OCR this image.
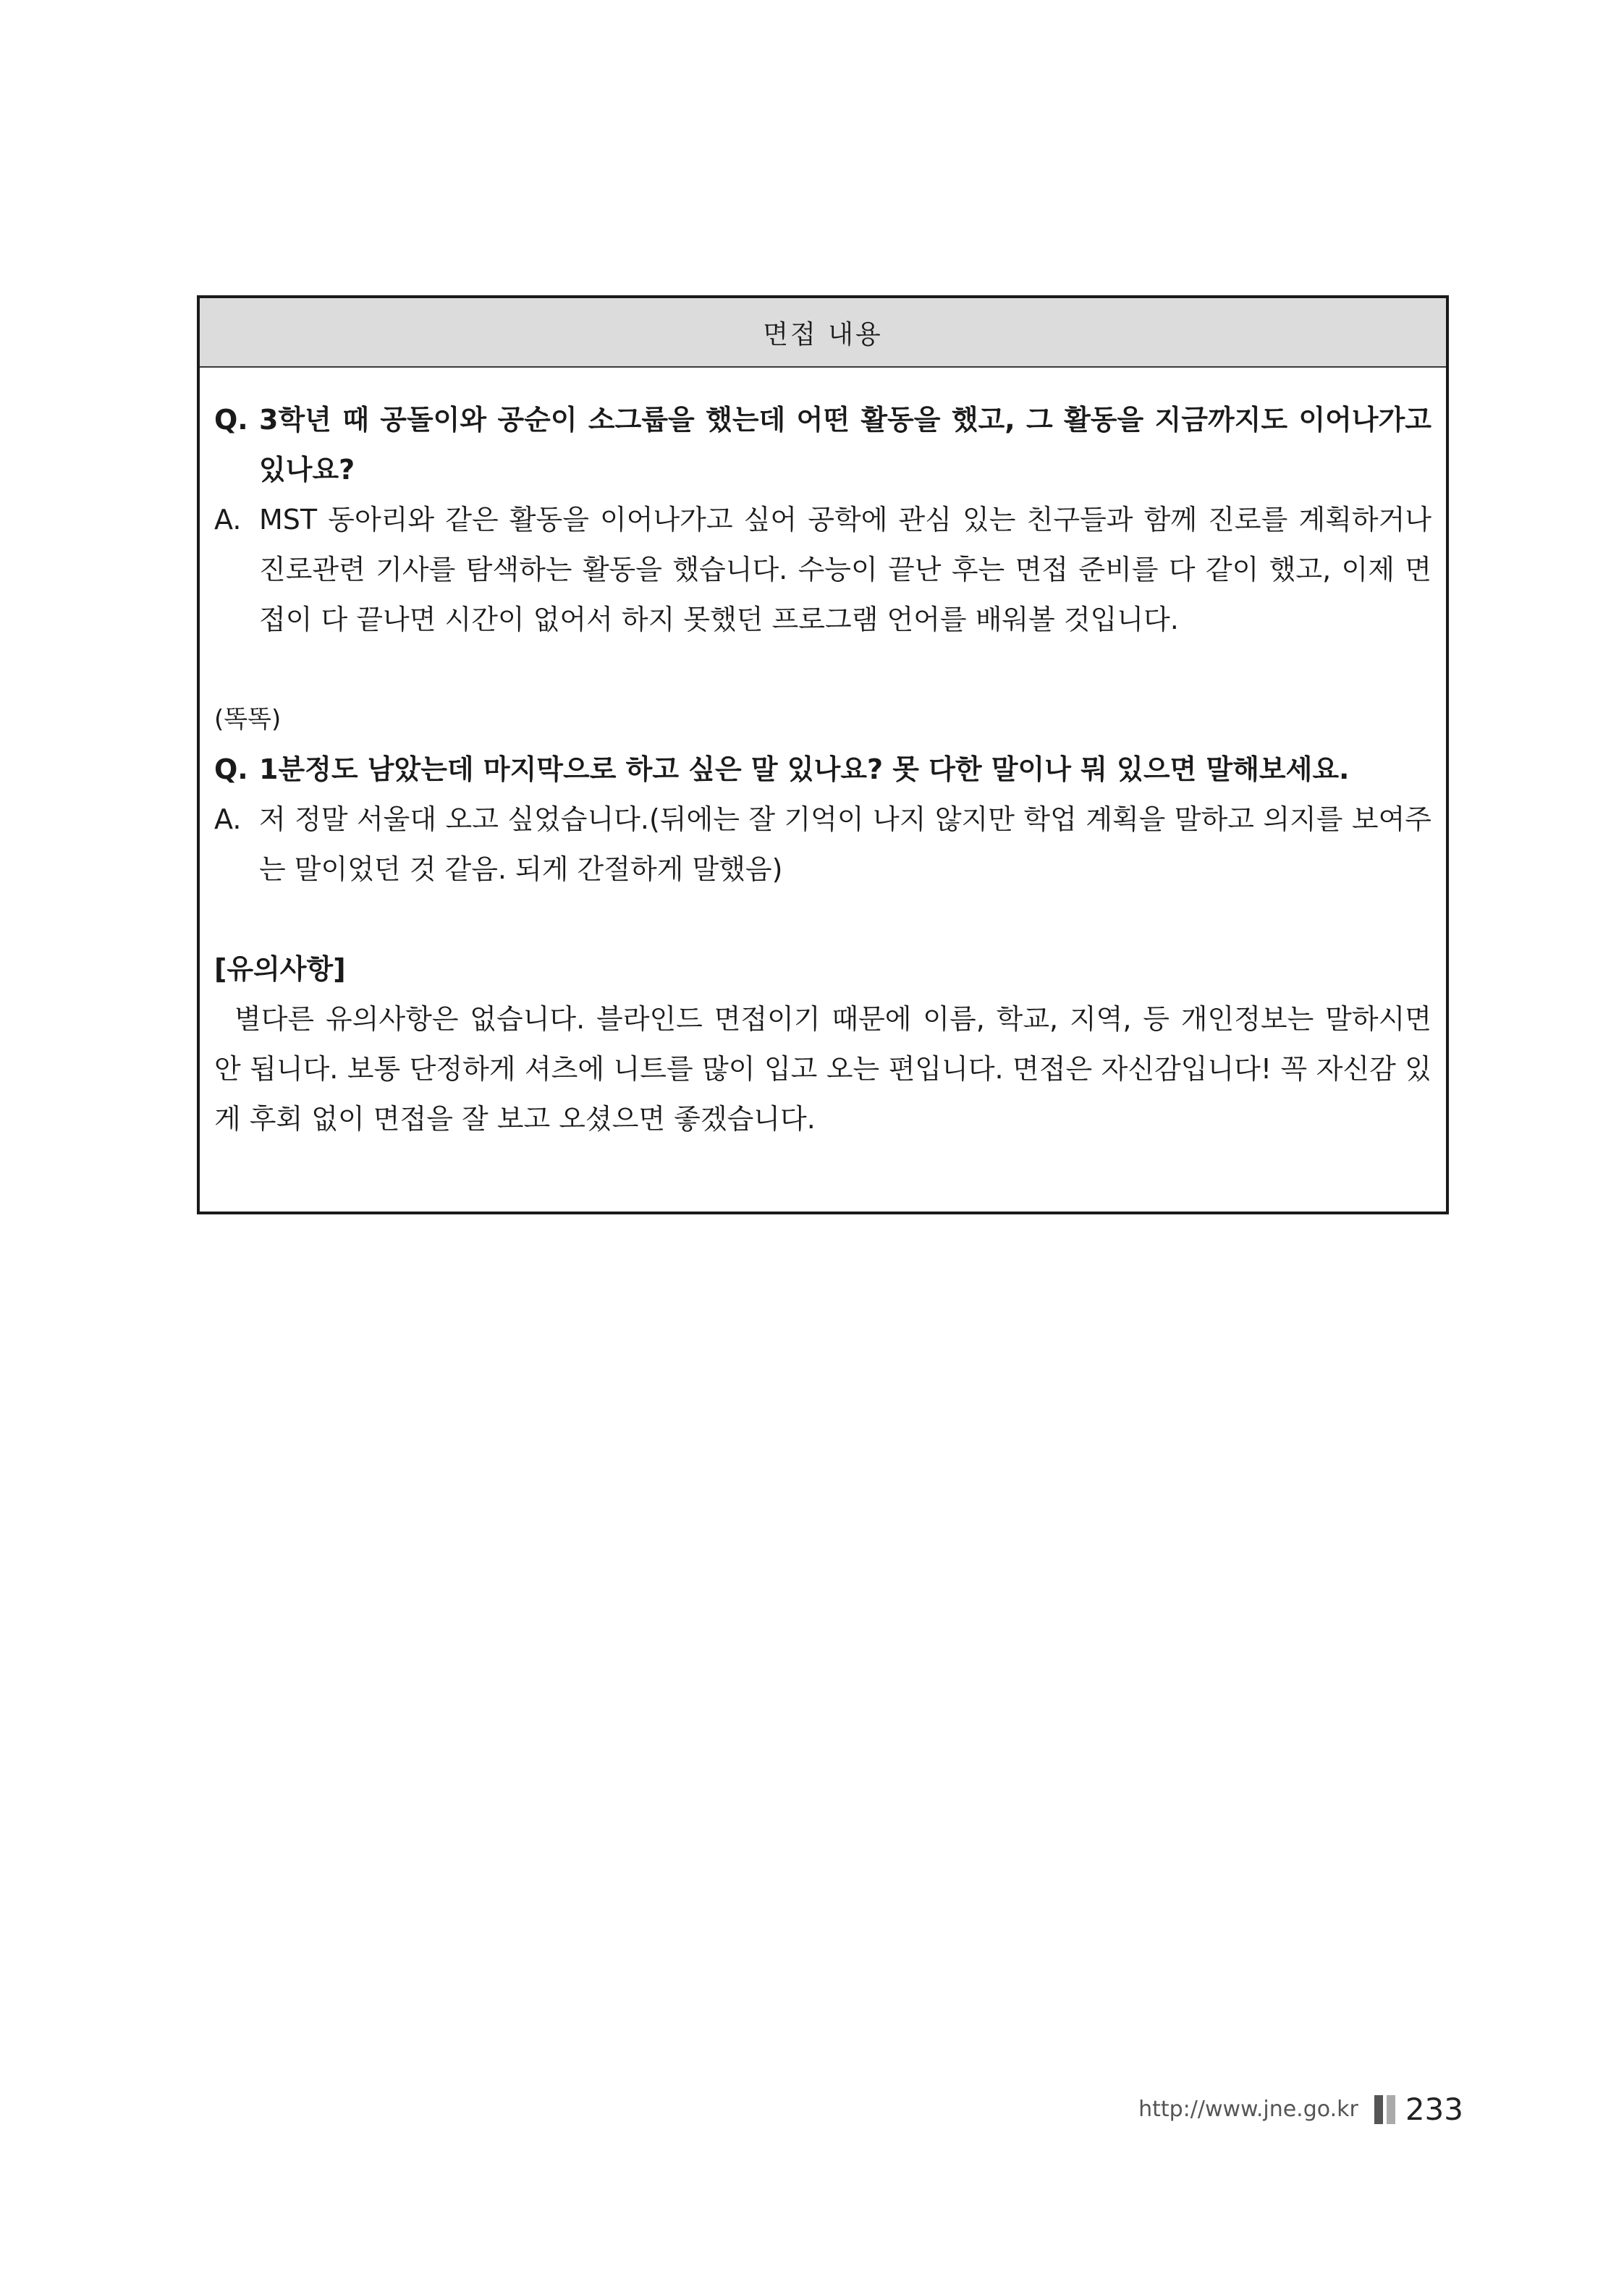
면접 내용
Q. 3학년 때 공돌이와 공순이 소그룹을 했는데 어떤 활동을 했고, 그 활동을 지금까지도 이어나가고 있나요?
A. MST 동아리와 같은 활동을 이어나가고 싶어 공학에 관심 있는 친구들과 함께 진로를 계획하거나 진로관련 기사를 탐색하는 활동을 했습니다. 수능이 끝난 후는 면접 준비를 다 같이 했고, 이제 면접이 다 끝나면 시간이 없어서 하지 못했던 프로그램 언어를 배워볼 것입니다.
(똑똑)
Q. 1분정도 남았는데 마지막으로 하고 싶은 말 있나요? 못 다한 말이나 뭐 있으면 말해보세요.
A. 저 정말 서울대 오고 싶었습니다.(뒤에는 잘 기억이 나지 않지만 학업 계획을 말하고 의지를 보여주는 말이었던 것 같음. 되게 간절하게 말했음)
[유의사항]
별다른 유의사항은 없습니다. 블라인드 면접이기 때문에 이름, 학교, 지역, 등 개인정보는 말하시면 안 됩니다. 보통 단정하게 셔츠에 니트를 많이 입고 오는 편입니다. 면접은 자신감입니다! 꼭 자신감 있게 후회 없이 면접을 잘 보고 오셨으면 좋겠습니다.
http://www.jne.go.kr 233
